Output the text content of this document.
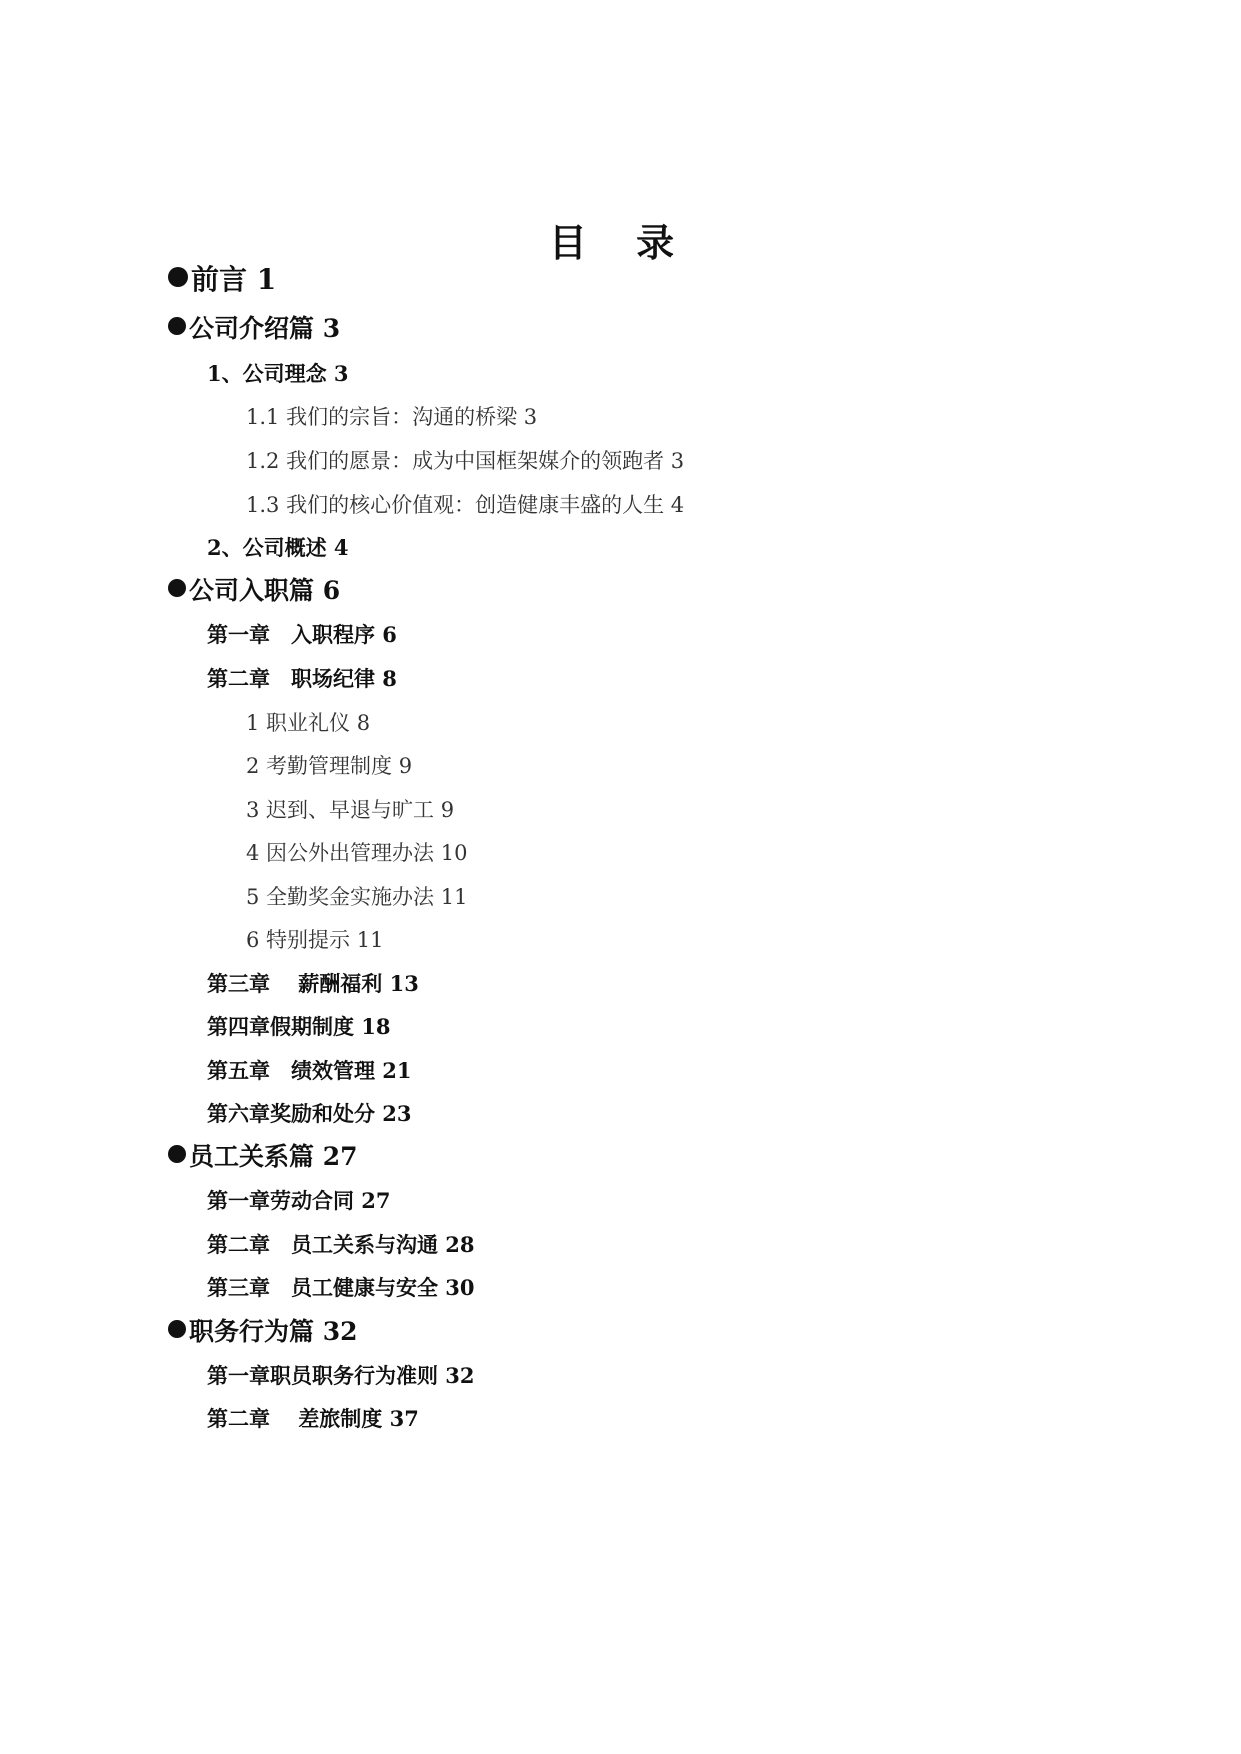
目 录
前言 1
公司介绍篇 3
1、公司理念 3
1.1 我们的宗旨：沟通的桥梁 3
1.2 我们的愿景：成为中国框架媒介的领跑者 3
1.3 我们的核心价值观：创造健康丰盛的人生 4
2、公司概述 4
公司入职篇 6
第一章　入职程序 6
第二章　职场纪律 8
1 职业礼仪 8
2 考勤管理制度 9
3 迟到、早退与旷工 9
4 因公外出管理办法 10
5 全勤奖金实施办法 11
6 特别提示 11
第三章　 薪酬福利 13
第四章假期制度 18
第五章　绩效管理 21
第六章奖励和处分 23
员工关系篇 27
第一章劳动合同 27
第二章　员工关系与沟通 28
第三章　员工健康与安全 30
职务行为篇 32
第一章职员职务行为准则 32
第二章　 差旅制度 37
